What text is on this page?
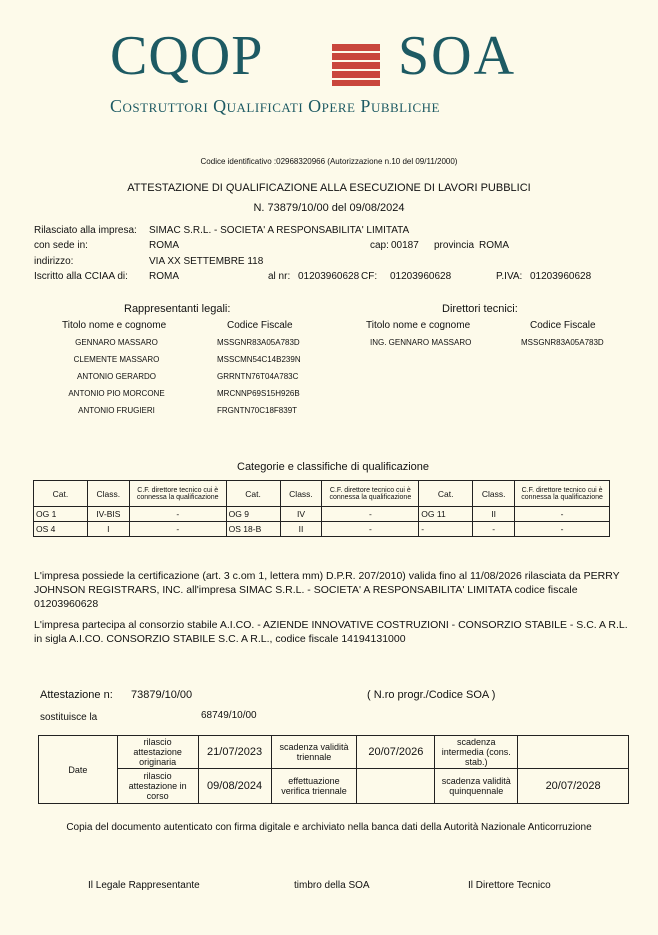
CQOP SOA
Costruttori Qualificati Opere Pubbliche
Codice identificativo :02968320966 (Autorizzazione n.10 del 09/11/2000)
ATTESTAZIONE DI QUALIFICAZIONE ALLA ESECUZIONE DI LAVORI PUBBLICI
N. 73879/10/00 del 09/08/2024
Rilasciato alla impresa: SIMAC S.R.L. - SOCIETA' A RESPONSABILITA' LIMITATA
con sede in:	ROMA	cap: 00187 provincia ROMA
indirizzo:	VIA XX SETTEMBRE 118
Iscritto alla CCIAA di: ROMA	al nr: 01203960628 CF: 01203960628	P.IVA: 01203960628
Rappresentanti legali:
Titolo nome e cognome	Codice Fiscale
GENNARO MASSARO	MSSGNR83A05A783D
CLEMENTE MASSARO	MSSCMN54C14B239N
ANTONIO GERARDO	GRRNTN76T04A783C
ANTONIO PIO MORCONE	MRCNNP69S15H926B
ANTONIO FRUGIERI	FRGNTN70C18F839T
Direttori tecnici:
Titolo nome e cognome	Codice Fiscale
ING. GENNARO MASSARO	MSSGNR83A05A783D
Categorie e classifiche di qualificazione
Cat.	Class.	C.F. direttore tecnico cui è connessa la qualificazione	Cat.	Class.	C.F. direttore tecnico cui è connessa la qualificazione	Cat.	Class.	C.F. direttore tecnico cui è connessa la qualificazione
OG 1	IV-BIS	-	OG 9	IV	-	OG 11	II	-
OS 4	I	-	OS 18-B	II	-	-	-	-
L'impresa possiede la certificazione (art. 3 c.om 1, lettera mm) D.P.R. 207/2010) valida fino al 11/08/2026 rilasciata da PERRY JOHNSON REGISTRARS, INC. all'impresa SIMAC S.R.L. - SOCIETA' A RESPONSABILITA' LIMITATA codice fiscale 01203960628
L'impresa partecipa al consorzio stabile A.I.CO. - AZIENDE INNOVATIVE COSTRUZIONI - CONSORZIO STABILE - S.C. A R.L. in sigla A.I.CO. CONSORZIO STABILE S.C. A R.L., codice fiscale 14194131000
Attestazione n: 73879/10/00	( N.ro progr./Codice SOA )
sostituisce la	68749/10/00
Date	rilascio attestazione originaria	21/07/2023	scadenza validità triennale	20/07/2026	scadenza intermedia (cons. stab.)	
	rilascio attestazione in corso	09/08/2024	effettuazione verifica triennale		scadenza validità quinquennale	20/07/2028
Copia del documento autenticato con firma digitale e archiviato nella banca dati della Autorità Nazionale Anticorruzione
Il Legale Rappresentante	timbro della SOA	Il Direttore Tecnico
